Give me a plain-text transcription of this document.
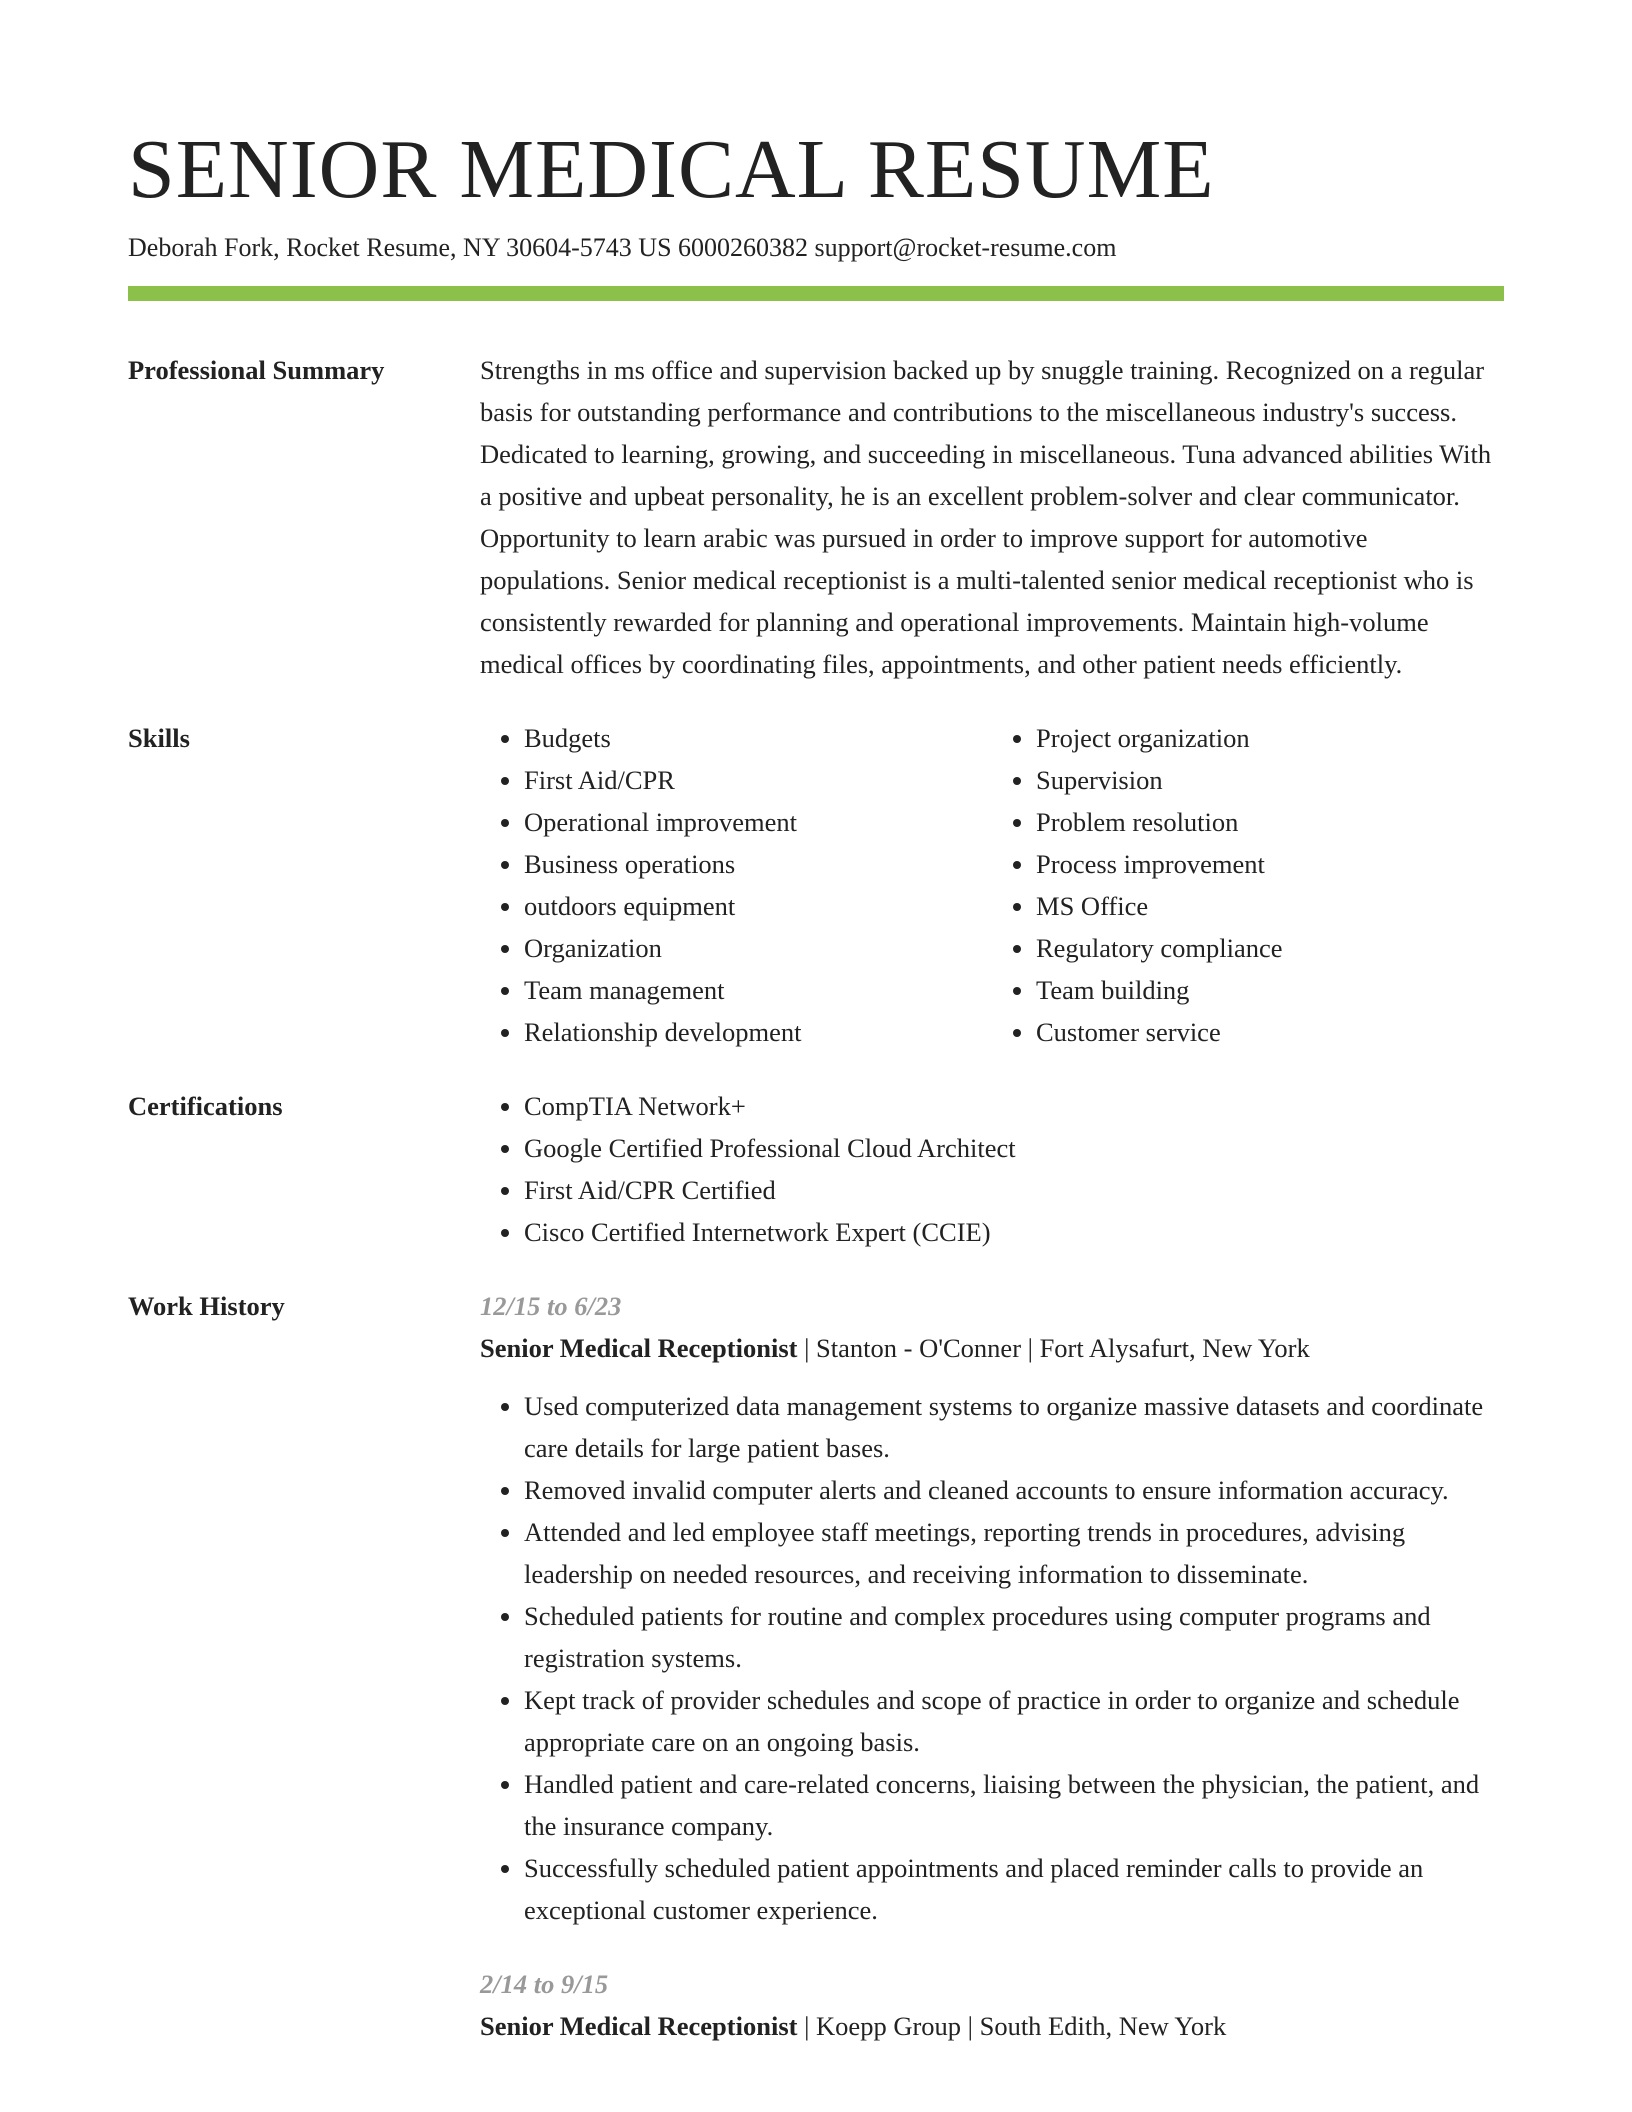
SENIOR MEDICAL RESUME
Deborah Fork, Rocket Resume, NY 30604-5743 US 6000260382 support@rocket-resume.com
Professional Summary	Strengths in ms office and supervision backed up by snuggle training. Recognized on a regular basis for outstanding performance and contributions to the miscellaneous industry's success. Dedicated to learning, growing, and succeeding in miscellaneous. Tuna advanced abilities With a positive and upbeat personality, he is an excellent problem-solver and clear communicator. Opportunity to learn arabic was pursued in order to improve support for automotive populations. Senior medical receptionist is a multi-talented senior medical receptionist who is consistently rewarded for planning and operational improvements. Maintain high-volume medical offices by coordinating files, appointments, and other patient needs efficiently.

Skills	• Budgets
• First Aid/CPR
• Operational improvement
• Business operations
• outdoors equipment
• Organization
• Team management
• Relationship development
• Project organization
• Supervision
• Problem resolution
• Process improvement
• MS Office
• Regulatory compliance
• Team building
• Customer service
Certifications	• CompTIA Network+
• Google Certified Professional Cloud Architect
• First Aid/CPR Certified
• Cisco Certified Internetwork Expert (CCIE)
Work History	12/15 to 6/23
Senior Medical Receptionist | Stanton - O'Conner | Fort Alysafurt, New York
• Used computerized data management systems to organize massive datasets and coordinate care details for large patient bases.
• Removed invalid computer alerts and cleaned accounts to ensure information accuracy.
• Attended and led employee staff meetings, reporting trends in procedures, advising leadership on needed resources, and receiving information to disseminate.
• Scheduled patients for routine and complex procedures using computer programs and registration systems.
• Kept track of provider schedules and scope of practice in order to organize and schedule appropriate care on an ongoing basis.
• Handled patient and care-related concerns, liaising between the physician, the patient, and the insurance company.
• Successfully scheduled patient appointments and placed reminder calls to provide an exceptional customer experience.
2/14 to 9/15
Senior Medical Receptionist | Koepp Group | South Edith, New York
